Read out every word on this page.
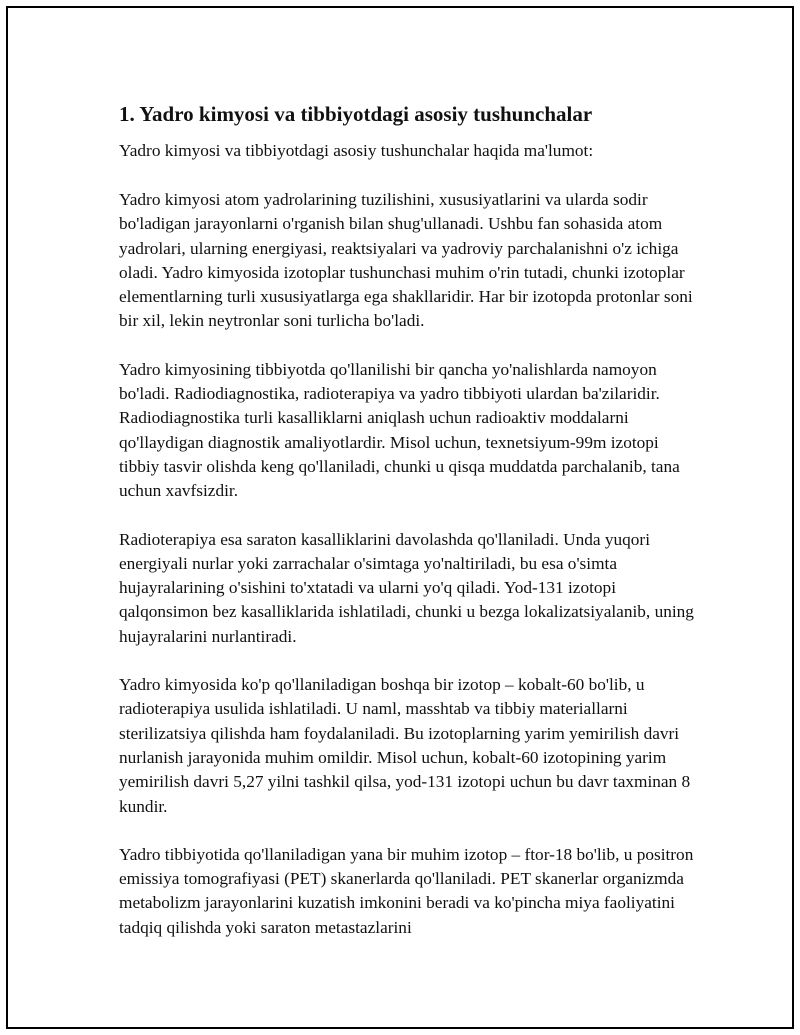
1. Yadro kimyosi va tibbiyotdagi asosiy tushunchalar
Yadro kimyosi va tibbiyotdagi asosiy tushunchalar haqida ma'lumot:
Yadro kimyosi atom yadrolarining tuzilishini, xususiyatlarini va ularda sodir bo'ladigan jarayonlarni o'rganish bilan shug'ullanadi. Ushbu fan sohasida atom yadrolari, ularning energiyasi, reaktsiyalari va yadroviy parchalanishni o'z ichiga oladi. Yadro kimyosida izotoplar tushunchasi muhim o'rin tutadi, chunki izotoplar elementlarning turli xususiyatlarga ega shakllaridir. Har bir izotopda protonlar soni bir xil, lekin neytronlar soni turlicha bo'ladi.
Yadro kimyosining tibbiyotda qo'llanilishi bir qancha yo'nalishlarda namoyon bo'ladi. Radiodiagnostika, radioterapiya va yadro tibbiyoti ulardan ba'zilaridir. Radiodiagnostika turli kasalliklarni aniqlash uchun radioaktiv moddalarni qo'llaydigan diagnostik amaliyotlardir. Misol uchun, texnetsiyum-99m izotopi tibbiy tasvir olishda keng qo'llaniladi, chunki u qisqa muddatda parchalanib, tana uchun xavfsizdir.
Radioterapiya esa saraton kasalliklarini davolashda qo'llaniladi. Unda yuqori energiyali nurlar yoki zarrachalar o'simtaga yo'naltiriladi, bu esa o'simta hujayralarining o'sishini to'xtatadi va ularni yo'q qiladi. Yod-131 izotopi qalqonsimon bez kasalliklarida ishlatiladi, chunki u bezga lokalizatsiyalanib, uning hujayralarini nurlantiradi.
Yadro kimyosida ko'p qo'llaniladigan boshqa bir izotop – kobalt-60 bo'lib, u radioterapiya usulida ishlatiladi. U naml, masshtab va tibbiy materiallarni sterilizatsiya qilishda ham foydalaniladi. Bu izotoplarning yarim yemirilish davri nurlanish jarayonida muhim omildir. Misol uchun, kobalt-60 izotopining yarim yemirilish davri 5,27 yilni tashkil qilsa, yod-131 izotopi uchun bu davr taxminan 8 kundir.
Yadro tibbiyotida qo'llaniladigan yana bir muhim izotop – ftor-18 bo'lib, u positron emissiya tomografiyasi (PET) skanerlarda qo'llaniladi. PET skanerlar organizmda metabolizm jarayonlarini kuzatish imkonini beradi va ko'pincha miya faoliyatini tadqiq qilishda yoki saraton metastazlarini
